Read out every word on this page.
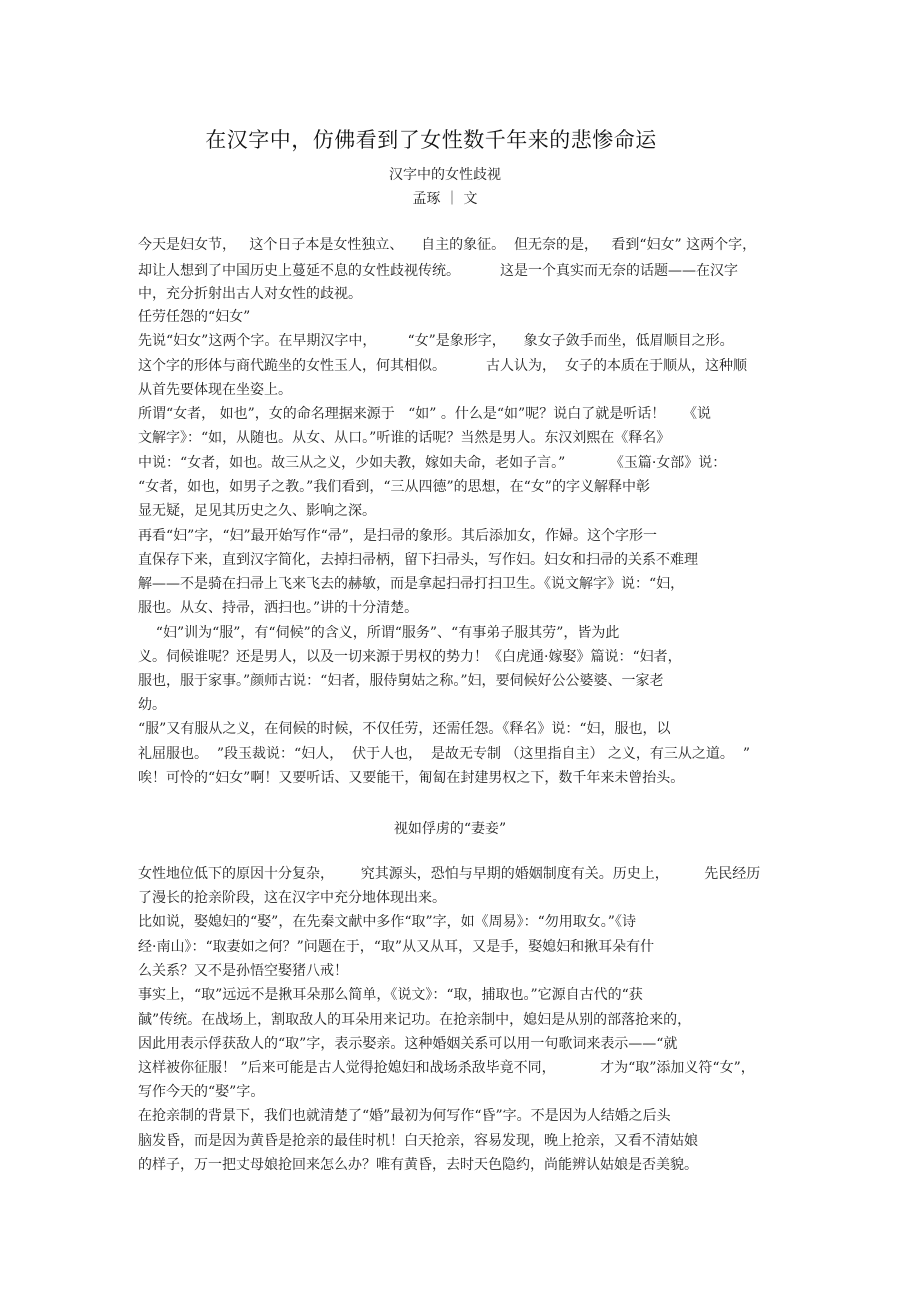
在汉字中，仿佛看到了女性数千年来的悲惨命运
汉字中的女性歧视
孟琢 ｜ 文
今天是妇女节，   这个日子本是女性独立、    自主的象征。  但无奈的是，   看到“妇女” 这两个字，
却让人想到了中国历史上蔓延不息的女性歧视传统。         这是一个真实而无奈的话题——在汉字
中，充分折射出古人对女性的歧视。
任劳任怨的“妇女”
先说“妇女”这两个字。在早期汉字中，       “女”是象形字，    象女子敛手而坐，低眉顺目之形。
这个字的形体与商代跪坐的女性玉人，何其相似。         古人认为，  女子的本质在于顺从，这种顺
从首先要体现在坐姿上。
所谓“女者， 如也”，女的命名理据来源于   “如” 。什么是“如”呢？说白了就是听话！    《说
文解字》：“如，从随也。从女、从口。”听谁的话呢？当然是男人。东汉刘熙在《释名》
中说：“女者，如也。故三从之义，少如夫教，嫁如夫命，老如子言。”          《玉篇·女部》说：
“女者，如也，如男子之教。”我们看到，“三从四德”的思想，在“女”的字义解释中彰
显无疑，足见其历史之久、影响之深。
再看“妇”字，“妇”最开始写作“帚”，是扫帚的象形。其后添加女，作婦。这个字形一
直保存下来，直到汉字简化，去掉扫帚柄，留下扫帚头，写作妇。妇女和扫帚的关系不难理
解——不是骑在扫帚上飞来飞去的赫敏，而是拿起扫帚打扫卫生。《说文解字》说：“妇，
服也。从女、持帚，洒扫也。”讲的十分清楚。
“妇”训为“服”，有“伺候”的含义，所谓“服务”、“有事弟子服其劳”，皆为此
义。伺候谁呢？还是男人，以及一切来源于男权的势力！《白虎通·嫁娶》篇说：“妇者，
服也，服于家事。”颜师古说：“妇者，服侍舅姑之称。”妇，要伺候好公公婆婆、一家老
幼。
“服”又有服从之义，在伺候的时候，不仅任劳，还需任怨。《释名》说：“妇，服也，以
礼屈服也。  ”段玉裁说：“妇人，  伏于人也，  是故无专制 （这里指自主） 之义，有三从之道。  ”
唉！可怜的“妇女”啊！又要听话、又要能干，匍匐在封建男权之下，数千年来未曾抬头。
视如俘虏的“妻妾”
女性地位低下的原因十分复杂，      究其源头，恐怕与早期的婚姻制度有关。历史上，        先民经历
了漫长的抢亲阶段，这在汉字中充分地体现出来。
比如说，娶媳妇的“娶”，在先秦文献中多作“取”字，如《周易》：“勿用取女。”《诗
经·南山》：“取妻如之何？”问题在于，“取”从又从耳，又是手，娶媳妇和揪耳朵有什
么关系？又不是孙悟空娶猪八戒！
事实上，“取”远远不是揪耳朵那么简单，《说文》：“取，捕取也。”它源自古代的“获
馘”传统。在战场上，割取敌人的耳朵用来记功。在抢亲制中，媳妇是从别的部落抢来的，
因此用表示俘获敌人的“取”字，表示娶亲。这种婚姻关系可以用一句歌词来表示——“就
这样被你征服！ ”后来可能是古人觉得抢媳妇和战场杀敌毕竟不同，          才为“取”添加义符“女”，
写作今天的“娶”字。
在抢亲制的背景下，我们也就清楚了“婚”最初为何写作“昏”字。不是因为人结婚之后头
脑发昏，而是因为黄昏是抢亲的最佳时机！白天抢亲，容易发现，晚上抢亲，又看不清姑娘
的样子，万一把丈母娘抢回来怎么办？唯有黄昏，去时天色隐约，尚能辨认姑娘是否美貌。
